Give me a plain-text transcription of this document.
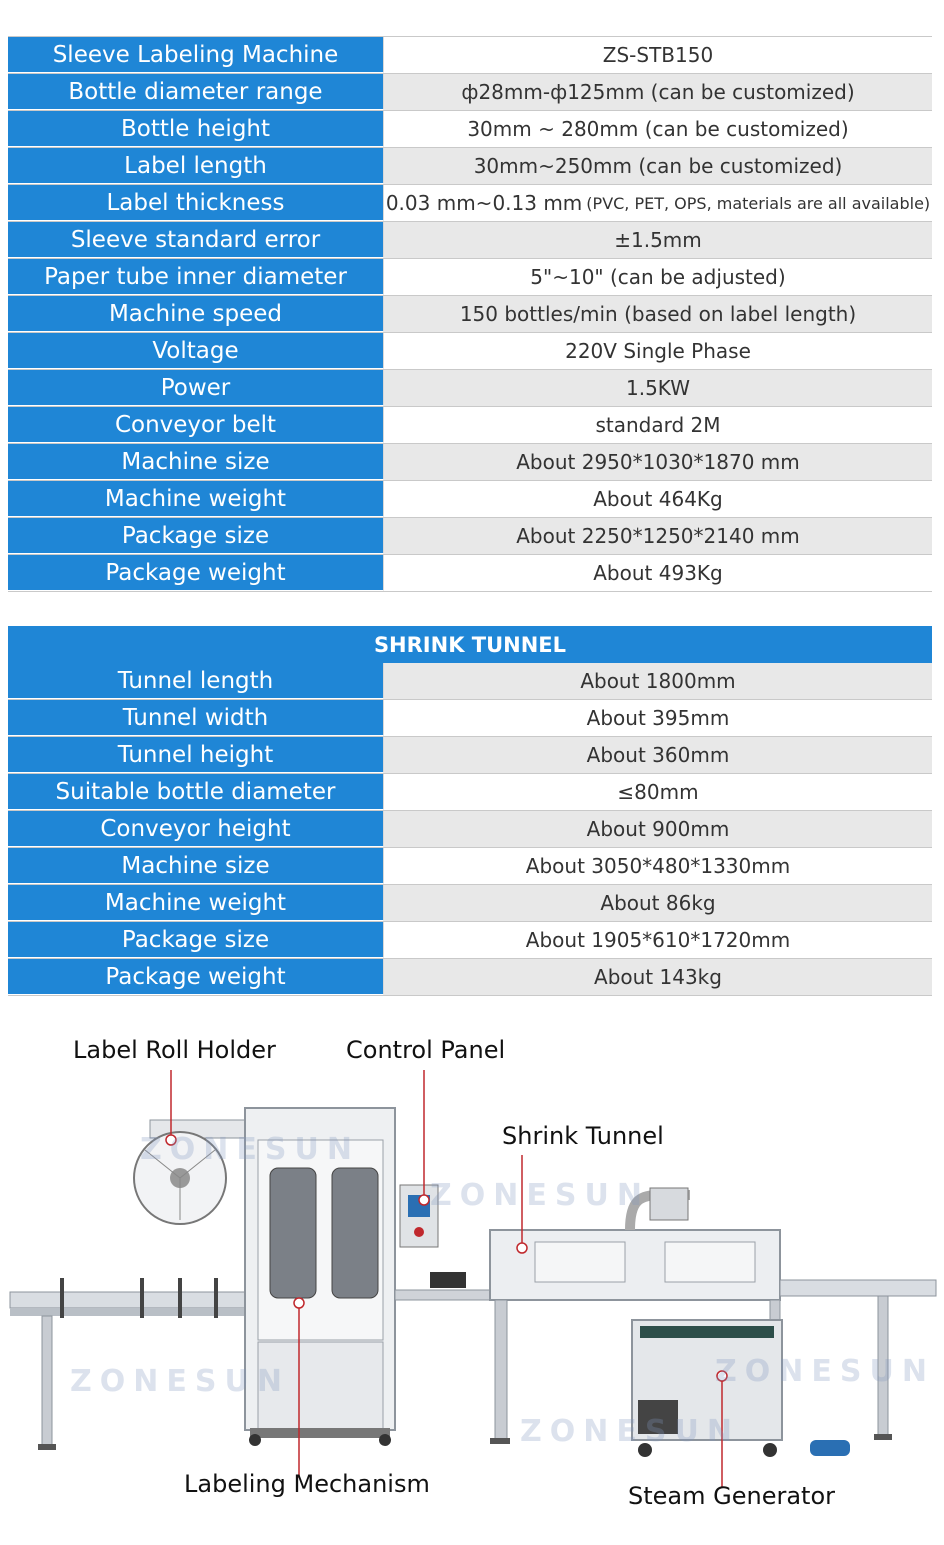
Sleeve Labeling Machine	ZS-STB150
Bottle diameter range	ф28mm-ф125mm (can be customized)
Bottle height	30mm ~ 280mm (can be customized)
Label length	30mm~250mm (can be customized)
Label thickness	0.03 mm~0.13 mm (PVC, PET, OPS, materials are all available)
Sleeve standard error	±1.5mm
Paper tube inner diameter	5"~10" (can be adjusted)
Machine speed	150 bottles/min (based on label length)
Voltage	220V Single Phase
Power	1.5KW
Conveyor belt	standard 2M
Machine size	About 2950*1030*1870 mm
Machine weight	About 464Kg
Package size	About 2250*1250*2140 mm
Package weight	About 493Kg
SHRINK TUNNEL
Tunnel length	About 1800mm
Tunnel width	About 395mm
Tunnel height	About 360mm
Suitable bottle diameter	≤80mm
Conveyor height	About 900mm
Machine size	About 3050*480*1330mm
Machine weight	About 86kg
Package size	About 1905*610*1720mm
Package weight	About 143kg
ZONESUN
ZONESUN
ZONESUN	ZONESUN
ZONESUN
Label Roll Holder	Control Panel
Shrink Tunnel
Labeling Mechanism	Steam Generator
